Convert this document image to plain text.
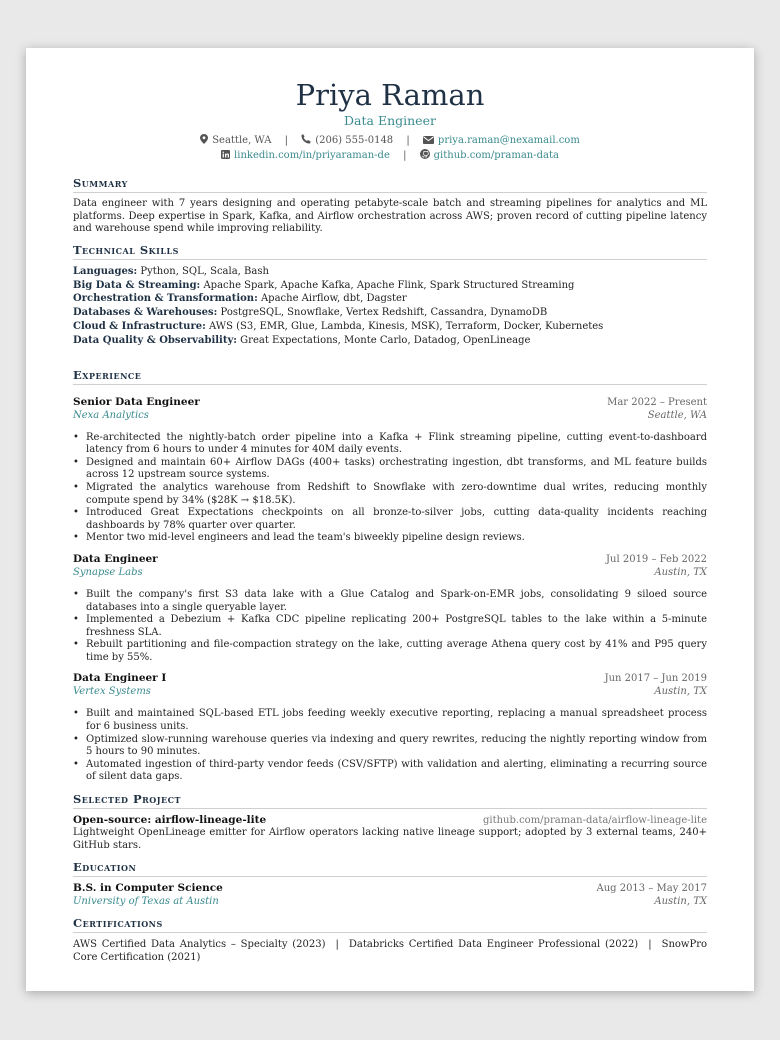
Priya Raman
Data Engineer
Seattle, WA |	(206) 555-0148 |	priya.raman@nexamail.com
linkedin.com/in/priyaraman-de |	github.com/praman-data
Summary
Data engineer with 7 years designing and operating petabyte-scale batch and streaming pipelines for analytics and ML platforms. Deep expertise in Spark, Kafka, and Airflow orchestration across AWS; proven record of cutting pipeline latency and warehouse spend while improving reliability.
Technical Skills
Languages: Python, SQL, Scala, Bash
Big Data & Streaming: Apache Spark, Apache Kafka, Apache Flink, Spark Structured Streaming
Orchestration & Transformation: Apache Airflow, dbt, Dagster
Databases & Warehouses: PostgreSQL, Snowflake, Vertex Redshift, Cassandra, DynamoDB
Cloud & Infrastructure: AWS (S3, EMR, Glue, Lambda, Kinesis, MSK), Terraform, Docker, Kubernetes
Data Quality & Observability: Great Expectations, Monte Carlo, Datadog, OpenLineage
Experience
Senior Data Engineer	Mar 2022 – Present
Nexa Analytics	Seattle, WA
• Re-architected the nightly-batch order pipeline into a Kafka + Flink streaming pipeline, cutting event-to-dashboard latency from 6 hours to under 4 minutes for 40M daily events.
• Designed and maintain 60+ Airflow DAGs (400+ tasks) orchestrating ingestion, dbt transforms, and ML feature builds across 12 upstream source systems.
• Migrated the analytics warehouse from Redshift to Snowflake with zero-downtime dual writes, reducing monthly compute spend by 34% ($28K → $18.5K).
• Introduced Great Expectations checkpoints on all bronze-to-silver jobs, cutting data-quality incidents reaching dashboards by 78% quarter over quarter.
• Mentor two mid-level engineers and lead the team's biweekly pipeline design reviews.
Data Engineer	Jul 2019 – Feb 2022
Synapse Labs	Austin, TX
• Built the company's first S3 data lake with a Glue Catalog and Spark-on-EMR jobs, consolidating 9 siloed source databases into a single queryable layer.
• Implemented a Debezium + Kafka CDC pipeline replicating 200+ PostgreSQL tables to the lake within a 5-minute freshness SLA.
• Rebuilt partitioning and file-compaction strategy on the lake, cutting average Athena query cost by 41% and P95 query time by 55%.
Data Engineer I	Jun 2017 – Jun 2019
Vertex Systems	Austin, TX
• Built and maintained SQL-based ETL jobs feeding weekly executive reporting, replacing a manual spreadsheet process for 6 business units.
• Optimized slow-running warehouse queries via indexing and query rewrites, reducing the nightly reporting window from 5 hours to 90 minutes.
• Automated ingestion of third-party vendor feeds (CSV/SFTP) with validation and alerting, eliminating a recurring source of silent data gaps.
Selected Project
Open-source: airflow-lineage-lite	github.com/praman-data/airflow-lineage-lite
Lightweight OpenLineage emitter for Airflow operators lacking native lineage support; adopted by 3 external teams, 240+ GitHub stars.
Education
B.S. in Computer Science	Aug 2013 – May 2017
University of Texas at Austin	Austin, TX
Certifications
AWS Certified Data Analytics – Specialty (2023) | Databricks Certified Data Engineer Professional (2022) | SnowPro Core Certification (2021)
